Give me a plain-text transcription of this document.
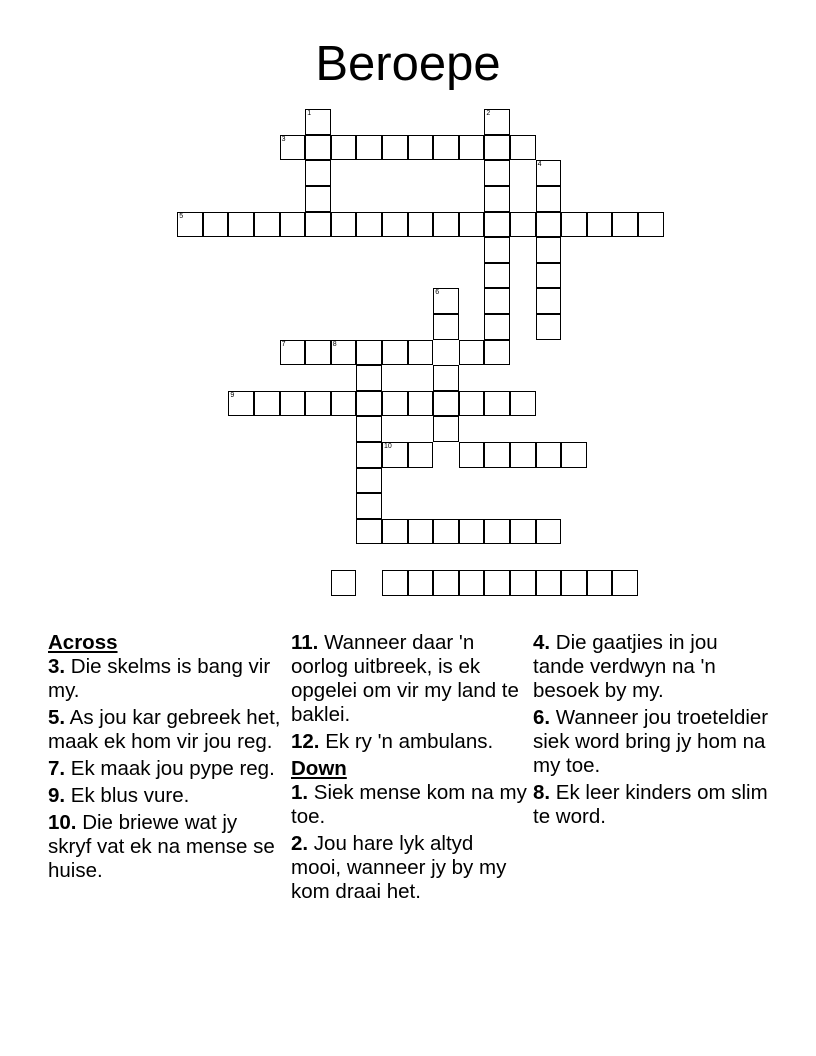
Beroepe
1	2
3
4
5
6
7	8
9
10
Across
3. Die skelms is bang vir my.
5. As jou kar gebreek het, maak ek hom vir jou reg.
7. Ek maak jou pype reg.
9. Ek blus vure.
10. Die briewe wat jy skryf vat ek na mense se huise.
11. Wanneer daar 'n oorlog uitbreek, is ek opgelei om vir my land te baklei.
12. Ek ry 'n ambulans.
Down
1. Siek mense kom na my toe.
2. Jou hare lyk altyd mooi, wanneer jy by my kom draai het.
4. Die gaatjies in jou tande verdwyn na 'n besoek by my.
6. Wanneer jou troeteldier siek word bring jy hom na my toe.
8. Ek leer kinders om slim te word.
